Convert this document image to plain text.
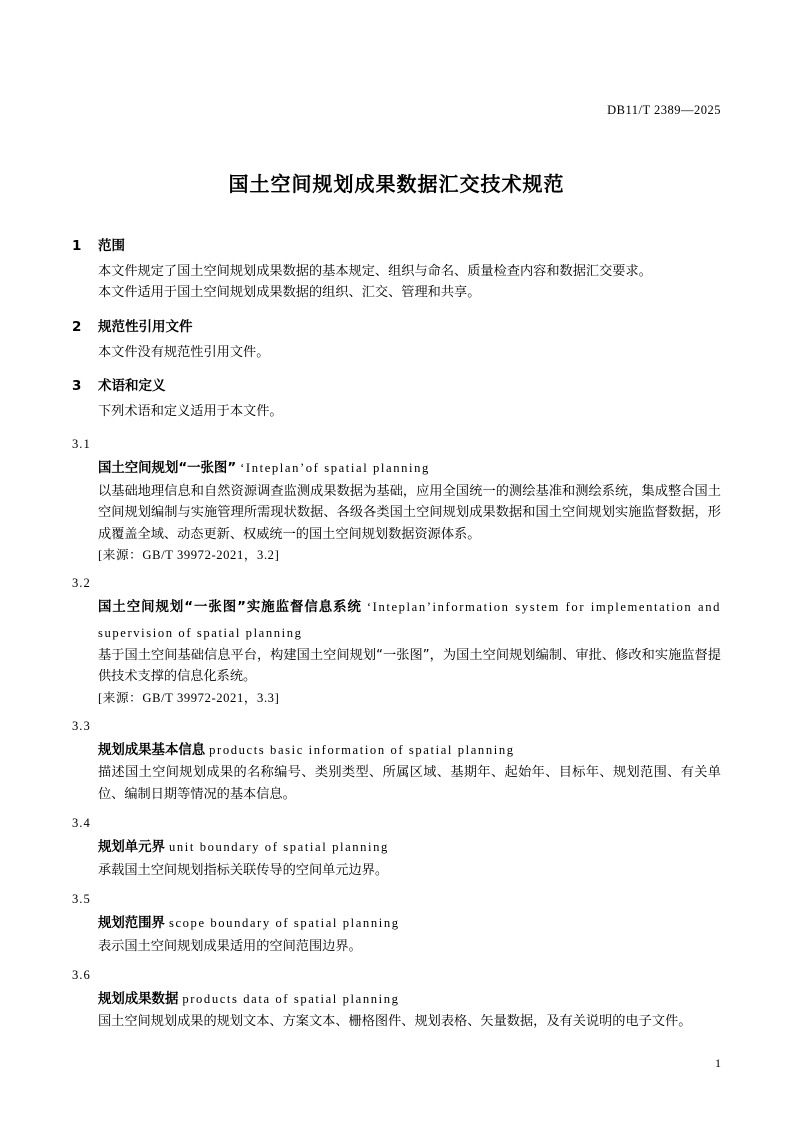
DB11/T 2389—2025
国土空间规划成果数据汇交技术规范
1 范围

本文件规定了国土空间规划成果数据的基本规定、组织与命名、质量检查内容和数据汇交要求。

本文件适用于国土空间规划成果数据的组织、汇交、管理和共享。

2 规范性引用文件

本文件没有规范性引用文件。

3 术语和定义

下列术语和定义适用于本文件。

3.1

国土空间规划“一张图” ‘Inteplan’of spatial planning

以基础地理信息和自然资源调查监测成果数据为基础，应用全国统一的测绘基准和测绘系统，集成整合国土空间规划编制与实施管理所需现状数据、各级各类国土空间规划成果数据和国土空间规划实施监督数据，形成覆盖全域、动态更新、权威统一的国土空间规划数据资源体系。

[来源：GB/T 39972-2021，3.2]

3.2

国土空间规划“一张图”实施监督信息系统 ‘Inteplan’information system for implementation and supervision of spatial planning

基于国土空间基础信息平台，构建国土空间规划“一张图”，为国土空间规划编制、审批、修改和实施监督提供技术支撑的信息化系统。

[来源：GB/T 39972-2021，3.3]

3.3

规划成果基本信息 products basic information of spatial planning

描述国土空间规划成果的名称编号、类别类型、所属区域、基期年、起始年、目标年、规划范围、有关单位、编制日期等情况的基本信息。

3.4

规划单元界 unit boundary of spatial planning

承载国土空间规划指标关联传导的空间单元边界。

3.5

规划范围界 scope boundary of spatial planning

表示国土空间规划成果适用的空间范围边界。

3.6

规划成果数据 products data of spatial planning

国土空间规划成果的规划文本、方案文本、栅格图件、规划表格、矢量数据，及有关说明的电子文件。

1
